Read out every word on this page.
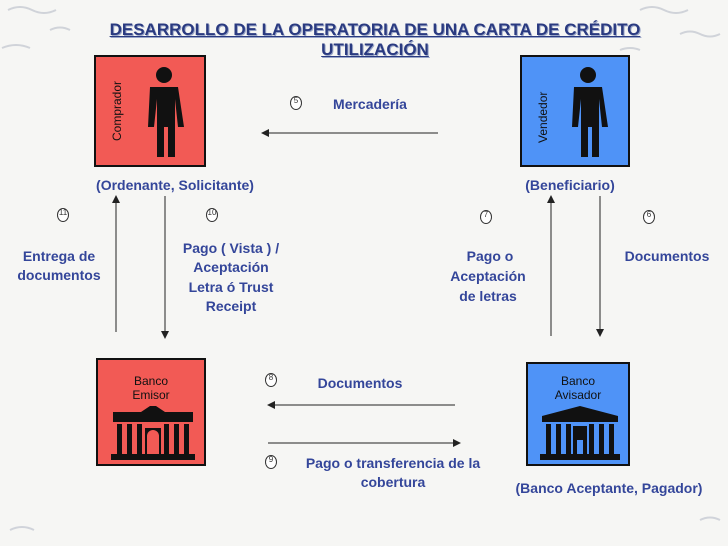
DESARROLLO DE LA OPERATORIA DE UNA CARTA DE CRÉDITO UTILIZACIÓN
Comprador	Vendedor
Banco
Emisor
Banco
Avisador
(Ordenante, Solicitante)	(Beneficiario)
(Banco Aceptante, Pagador)
5
11	10	7	6
8
9
Mercadería
Entrega de
documentos
Pago ( Vista ) /
Aceptación
Letra ó Trust
Receipt
Pago o
Aceptación
de letras
Documentos
Documentos
Pago o transferencia de la
cobertura
